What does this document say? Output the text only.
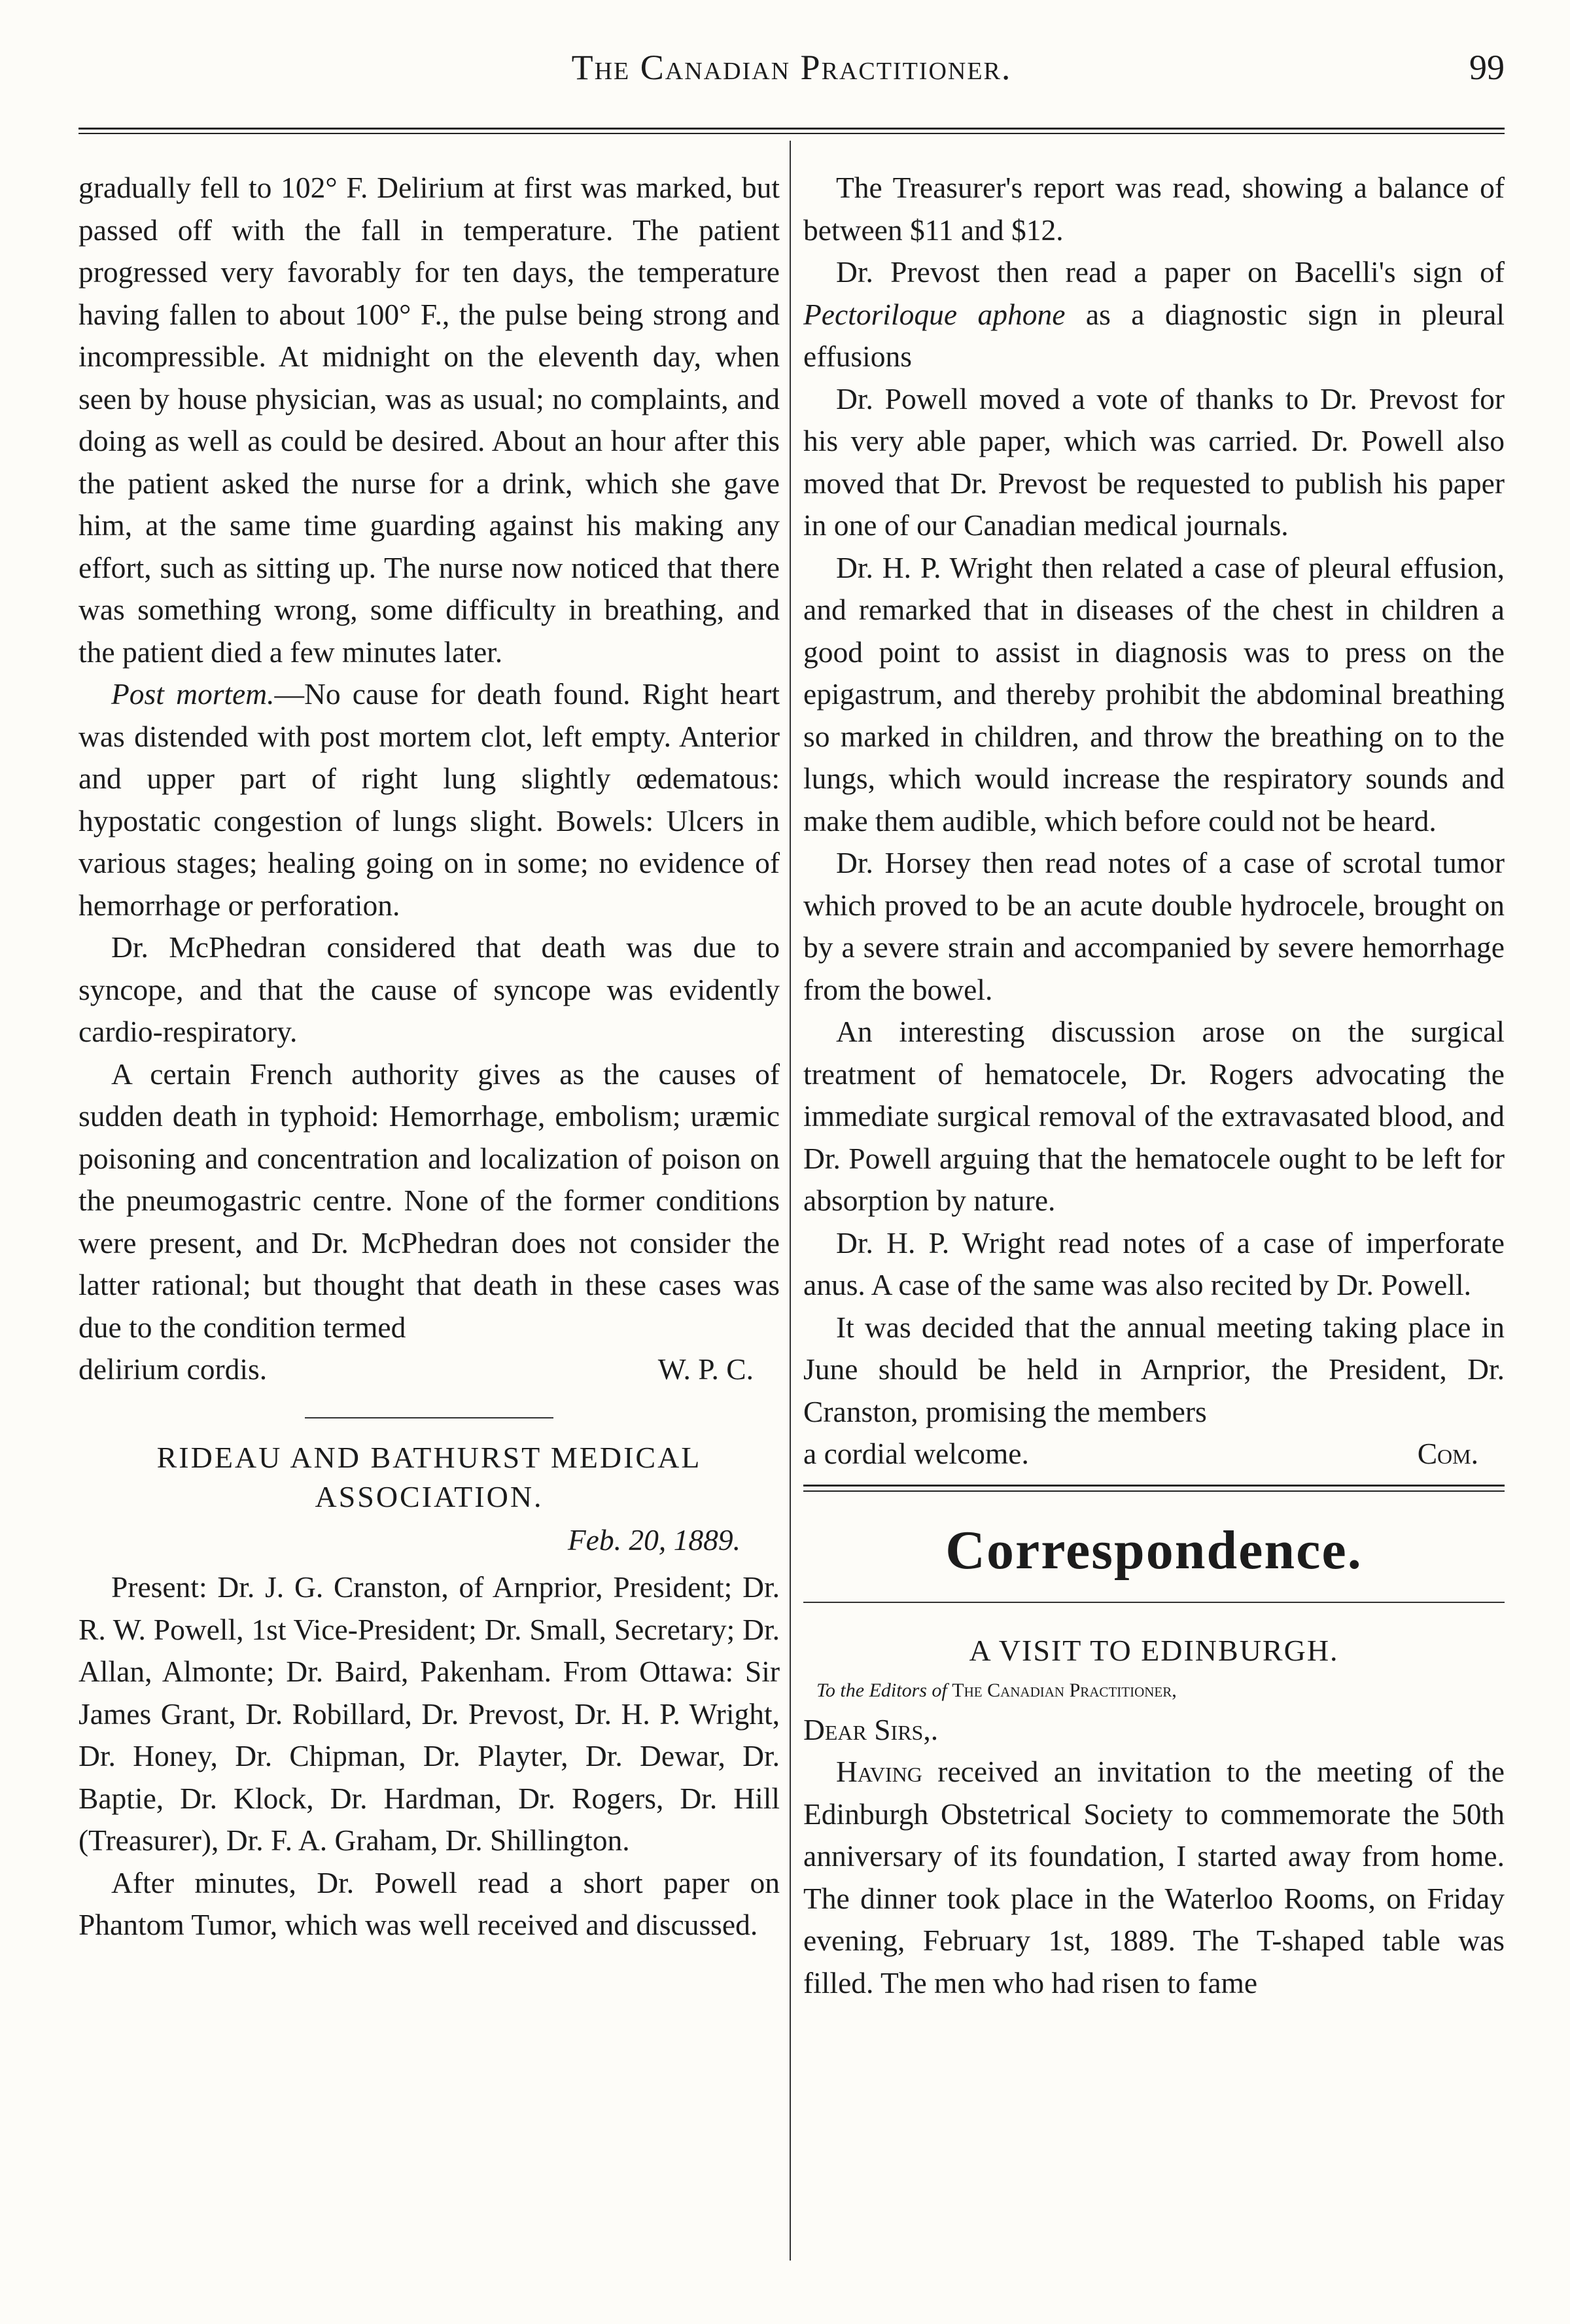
The Canadian Practitioner.	99

gradually fell to 102° F. Delirium at first was marked, but passed off with the fall in temperature. The patient progressed very favorably for ten days, the temperature having fallen to about 100° F., the pulse being strong and incompressible. At midnight on the eleventh day, when seen by house physician, was as usual; no complaints, and doing as well as could be desired. About an hour after this the patient asked the nurse for a drink, which she gave him, at the same time guarding against his making any effort, such as sitting up. The nurse now noticed that there was something wrong, some difficulty in breathing, and the patient died a few minutes later.

Post mortem.—No cause for death found. Right heart was distended with post mortem clot, left empty. Anterior and upper part of right lung slightly œdematous: hypostatic congestion of lungs slight. Bowels: Ulcers in various stages; healing going on in some; no evidence of hemorrhage or perforation.

Dr. McPhedran considered that death was due to syncope, and that the cause of syncope was evidently cardio-respiratory.

A certain French authority gives as the causes of sudden death in typhoid: Hemorrhage, embolism; uræmic poisoning and concentration and localization of poison on the pneumogastric centre. None of the former conditions were present, and Dr. McPhedran does not consider the latter rational; but thought that death in these cases was due to the condition termed

delirium cordis.	W. P. C.
RIDEAU AND BATHURST MEDICAL ASSOCIATION.
Feb. 20, 1889.

Present: Dr. J. G. Cranston, of Arnprior, President; Dr. R. W. Powell, 1st Vice-President; Dr. Small, Secretary; Dr. Allan, Almonte; Dr. Baird, Pakenham. From Ottawa: Sir James Grant, Dr. Robillard, Dr. Prevost, Dr. H. P. Wright, Dr. Honey, Dr. Chipman, Dr. Playter, Dr. Dewar, Dr. Baptie, Dr. Klock, Dr. Hardman, Dr. Rogers, Dr. Hill (Treasurer), Dr. F. A. Graham, Dr. Shillington.

After minutes, Dr. Powell read a short paper on Phantom Tumor, which was well received and discussed.

The Treasurer's report was read, showing a balance of between $11 and $12.

Dr. Prevost then read a paper on Bacelli's sign of Pectoriloque aphone as a diagnostic sign in pleural effusions

Dr. Powell moved a vote of thanks to Dr. Prevost for his very able paper, which was carried. Dr. Powell also moved that Dr. Prevost be requested to publish his paper in one of our Canadian medical journals.

Dr. H. P. Wright then related a case of pleural effusion, and remarked that in diseases of the chest in children a good point to assist in diagnosis was to press on the epigastrum, and thereby prohibit the abdominal breathing so marked in children, and throw the breathing on to the lungs, which would increase the respiratory sounds and make them audible, which before could not be heard.

Dr. Horsey then read notes of a case of scrotal tumor which proved to be an acute double hydrocele, brought on by a severe strain and accompanied by severe hemorrhage from the bowel.

An interesting discussion arose on the surgical treatment of hematocele, Dr. Rogers advocating the immediate surgical removal of the extravasated blood, and Dr. Powell arguing that the hematocele ought to be left for absorption by nature.

Dr. H. P. Wright read notes of a case of imperforate anus. A case of the same was also recited by Dr. Powell.

It was decided that the annual meeting taking place in June should be held in Arnprior, the President, Dr. Cranston, promising the members

a cordial welcome.	Com.
Correspondence.
A VISIT TO EDINBURGH.
To the Editors of The Canadian Practitioner,
Dear Sirs,.

Having received an invitation to the meeting of the Edinburgh Obstetrical Society to commemorate the 50th anniversary of its foundation, I started away from home. The dinner took place in the Waterloo Rooms, on Friday evening, February 1st, 1889. The T-shaped table was filled. The men who had risen to fame
